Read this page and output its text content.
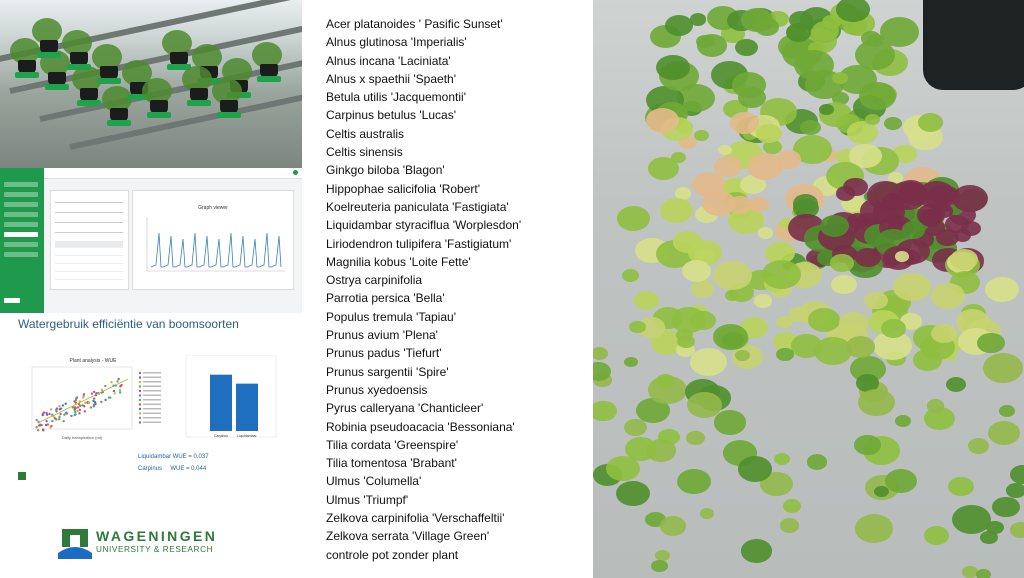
Graph viewer
Watergebruik efficiëntie van boomsoorten
Plant analysis - WUE
Daily transpiration (ml)	Carpinus	Liquidambar
Liquidambar WUE = 0.037
Carpinus     WUE = 0.044
WAGENINGEN
UNIVERSITY & RESEARCH
Acer platanoides ' Pasific Sunset'
Alnus glutinosa 'Imperialis'
Alnus incana 'Laciniata'
Alnus x spaethii 'Spaeth'
Betula utilis 'Jacquemontii'
Carpinus betulus 'Lucas'
Celtis australis
Celtis sinensis
Ginkgo biloba 'Blagon'
Hippophae salicifolia 'Robert'
Koelreuteria paniculata 'Fastigiata'
Liquidambar styraciflua 'Worplesdon'
Liriodendron tulipifera 'Fastigiatum'
Magnilia kobus 'Loite Fette'
Ostrya carpinifolia
Parrotia persica 'Bella'
Populus tremula 'Tapiau'
Prunus avium 'Plena'
Prunus padus 'Tiefurt'
Prunus sargentii 'Spire'
Prunus xyedoensis
Pyrus calleryana 'Chanticleer'
Robinia pseudoacacia 'Bessoniana'
Tilia cordata 'Greenspire'
Tilia tomentosa 'Brabant'
Ulmus 'Columella'
Ulmus 'Triumpf'
Zelkova carpinifolia 'Verschaffeltii'
Zelkova serrata 'Village Green'
controle pot zonder plant
